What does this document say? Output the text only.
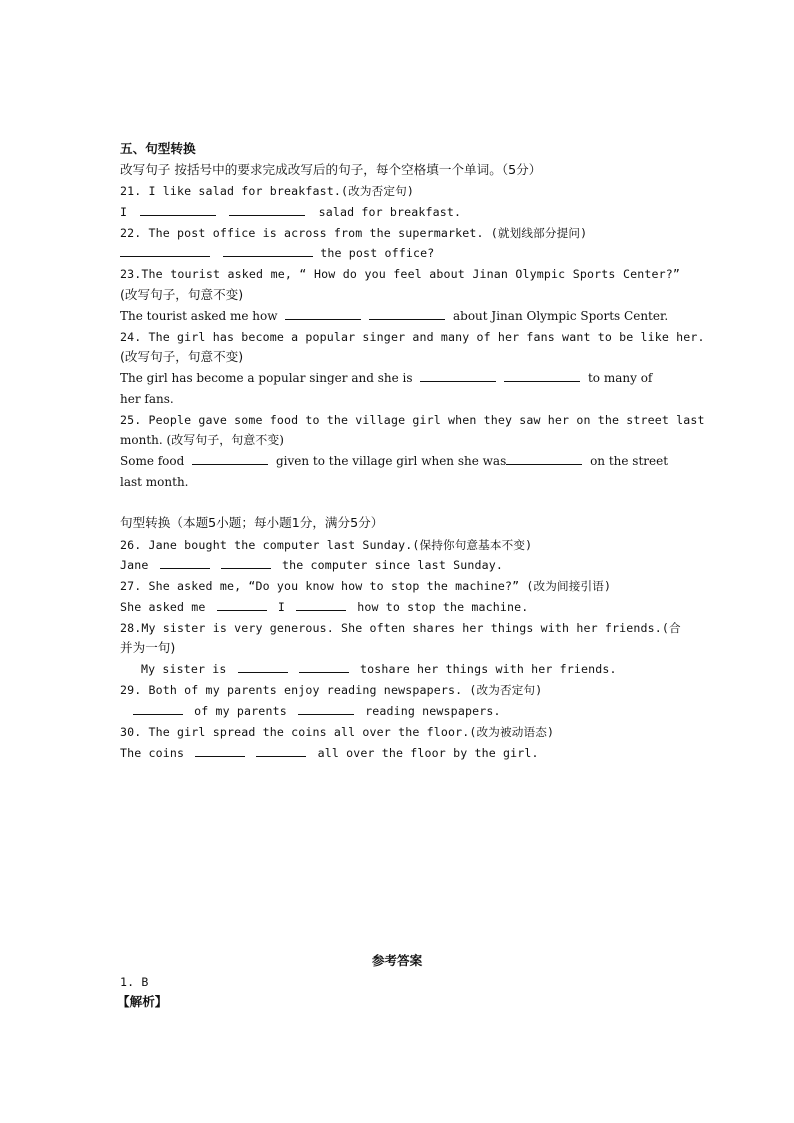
五、句型转换
改写句子 按括号中的要求完成改写后的句子，每个空格填一个单词。（5分）
21. I like salad for breakfast.(改为否定句)
I	salad for breakfast.
22. The post office is across from the supermarket. (就划线部分提问)
the post office?
23.The tourist asked me, “ How do you feel about Jinan Olympic Sports Center?”
(改写句子，句意不变)
The tourist asked me how	about Jinan Olympic Sports Center.
24. The girl has become a popular singer and many of her fans want to be like her.
(改写句子，句意不变)
The girl has become a popular singer and she is	to many of
her fans.
25. People gave some food to the village girl when they saw her on the street last
month. (改写句子，句意不变)
Some food	given to the village girl when she was	on the street
last month.
句型转换（本题5小题；每小题1分，满分5分）
26. Jane bought the computer last Sunday.(保持你句意基本不变)
Jane	the computer since last Sunday.
27. She asked me, “Do you know how to stop the machine?” (改为间接引语)
She asked me	I	how to stop the machine.
28.My sister is very generous. She often shares her things with her friends.(合
并为一句)
My sister is	toshare her things with her friends.
29. Both of my parents enjoy reading newspapers. (改为否定句)
of my parents	reading newspapers.
30. The girl spread the coins all over the floor.(改为被动语态)
The coins	all over the floor by the girl.
参考答案
1. B
【解析】
